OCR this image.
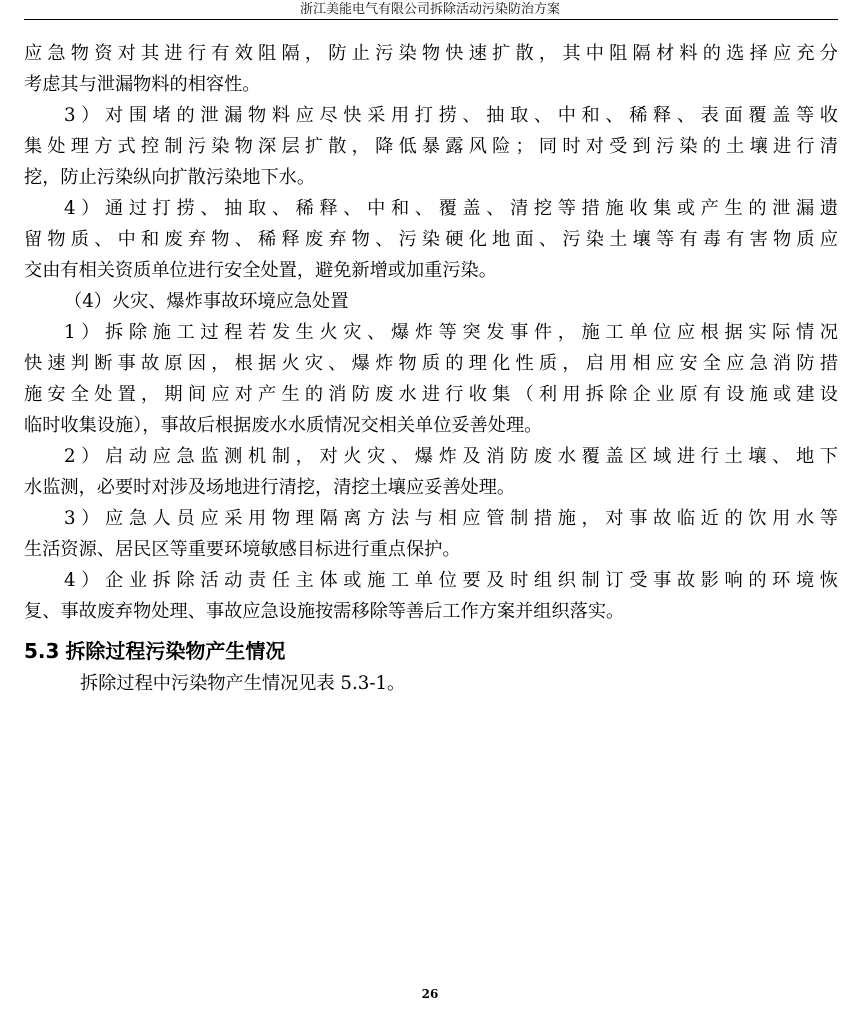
浙江美能电气有限公司拆除活动污染防治方案
应急物资对其进行有效阻隔，防止污染物快速扩散，其中阻隔材料的选择应充分
考虑其与泄漏物料的相容性。
3）对围堵的泄漏物料应尽快采用打捞、抽取、中和、稀释、表面覆盖等收
集处理方式控制污染物深层扩散，降低暴露风险；同时对受到污染的土壤进行清
挖，防止污染纵向扩散污染地下水。
4）通过打捞、抽取、稀释、中和、覆盖、清挖等措施收集或产生的泄漏遗
留物质、中和废弃物、稀释废弃物、污染硬化地面、污染土壤等有毒有害物质应
交由有相关资质单位进行安全处置，避免新增或加重污染。
（4）火灾、爆炸事故环境应急处置
1）拆除施工过程若发生火灾、爆炸等突发事件，施工单位应根据实际情况
快速判断事故原因，根据火灾、爆炸物质的理化性质，启用相应安全应急消防措
施安全处置，期间应对产生的消防废水进行收集（利用拆除企业原有设施或建设
临时收集设施），事故后根据废水水质情况交相关单位妥善处理。
2）启动应急监测机制，对火灾、爆炸及消防废水覆盖区域进行土壤、地下
水监测，必要时对涉及场地进行清挖，清挖土壤应妥善处理。
3）应急人员应采用物理隔离方法与相应管制措施，对事故临近的饮用水等
生活资源、居民区等重要环境敏感目标进行重点保护。
4）企业拆除活动责任主体或施工单位要及时组织制订受事故影响的环境恢
复、事故废弃物处理、事故应急设施按需移除等善后工作方案并组织落实。
5.3 拆除过程污染物产生情况
拆除过程中污染物产生情况见表 5.3-1。
26
